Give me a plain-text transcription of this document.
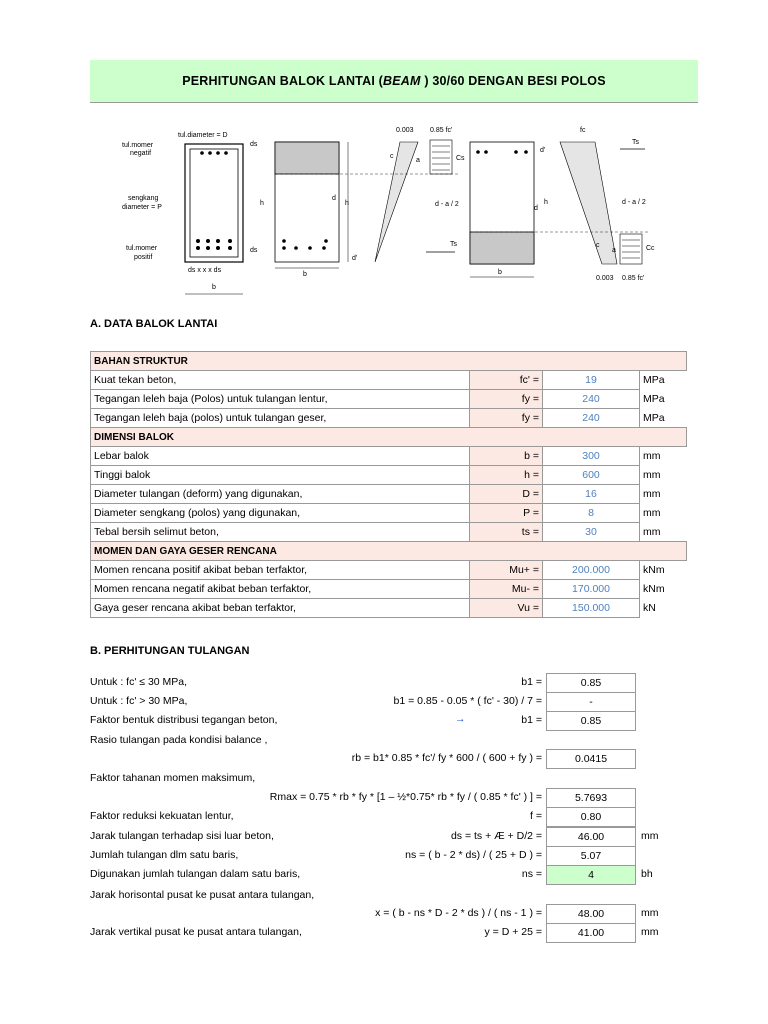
PERHITUNGAN BALOK LANTAI (BEAM ) 30/60 DENGAN BESI POLOS
tul.momer
negatif
tul.diameter = D
sengkang
diameter = P
tul.momer
positif
ds
ds
ds x x x ds
b
h	h
d
b
d'
0.003 0.85 fc'
Cs
c
a
d - a / 2
Ts
h
d
b
d'
fc
Ts
d - a / 2
Cc
c
a
0.003 0.85 fc'
A. DATA BALOK LANTAI
BAHAN STRUKTUR				
Kuat tekan beton,	fc' =	19	MPa	
Tegangan leleh baja (Polos) untuk tulangan lentur,	fy =	240	MPa	
Tegangan leleh baja (polos) untuk tulangan geser,	fy =	240	MPa	
DIMENSI BALOK				
Lebar balok	b =	300	mm	
Tinggi balok	h =	600	mm	
Diameter tulangan (deform) yang digunakan,	D =	16	mm	
Diameter sengkang (polos) yang digunakan,	P =	8	mm	
Tebal bersih selimut beton,	ts =	30	mm	
MOMEN DAN GAYA GESER RENCANA				
Momen rencana positif akibat beban terfaktor,	Mu+ =	200.000	kNm	
Momen rencana negatif akibat beban terfaktor,	Mu- =	170.000	kNm	
Gaya geser rencana akibat beban terfaktor,	Vu =	150.000	kN	
B. PERHITUNGAN TULANGAN
Untuk : fc' ≤ 30 MPa,	b1 =	0.85
Untuk : fc' > 30 MPa,	b1 = 0.85 - 0.05 * ( fc' - 30) / 7 =	-
Faktor bentuk distribusi tegangan beton,	b1 =	0.85
→
Rasio tulangan pada kondisi balance ,
rb = b1* 0.85 * fc'/ fy * 600 / ( 600 + fy ) =	0.0415
Faktor tahanan momen maksimum,
Rmax = 0.75 * rb * fy * [1 – ½*0.75* rb * fy / ( 0.85 * fc' ) ] =	5.7693
Faktor reduksi kekuatan lentur,	f =	0.80
Jarak tulangan terhadap sisi luar beton,	ds = ts + Æ + D/2 =	46.00	mm
Jumlah tulangan dlm satu baris,	ns = ( b - 2 * ds) / ( 25 + D ) =	5.07
Digunakan jumlah tulangan dalam satu baris,	ns =	4	bh
Jarak horisontal pusat ke pusat antara tulangan,
x = ( b - ns * D - 2 * ds ) / ( ns - 1 ) =	48.00	mm
Jarak vertikal pusat ke pusat antara tulangan,	y = D + 25 =	41.00	mm
